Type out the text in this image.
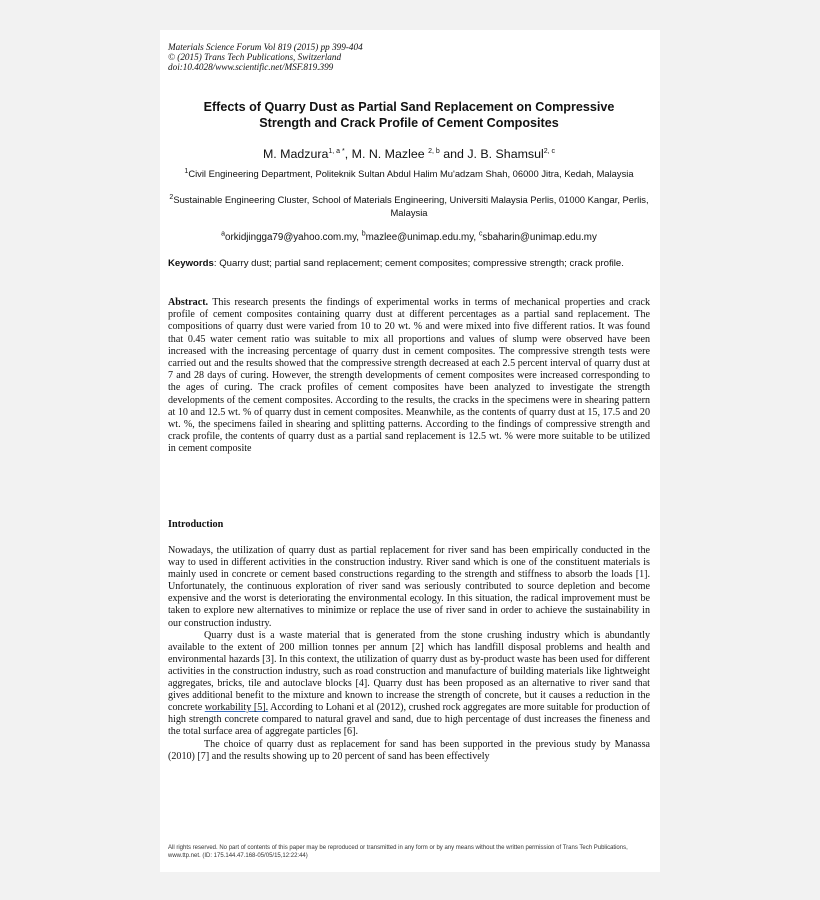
Materials Science Forum Vol 819 (2015) pp 399-404
© (2015) Trans Tech Publications, Switzerland
doi:10.4028/www.scientific.net/MSF.819.399
Effects of Quarry Dust as Partial Sand Replacement on Compressive
Strength and Crack Profile of Cement Composites
M. Madzura$^{1, a *}$, M. N. Mazlee $^{2, b}$ and J. B. Shamsul$^{2, c}$
$^1$Civil Engineering Department, Politeknik Sultan Abdul Halim Mu'adzam Shah, 06000 Jitra, Kedah, Malaysia
$^2$Sustainable Engineering Cluster, School of Materials Engineering, Universiti Malaysia Perlis, 01000 Kangar, Perlis, Malaysia
$^a$orkidjingga79@yahoo.com.my, $^b$mazlee@unimap.edu.my, $^c$sbaharin@unimap.edu.my
Keywords: Quarry dust; partial sand replacement; cement composites; compressive strength; crack profile.
Abstract. This research presents the findings of experimental works in terms of mechanical properties and crack profile of cement composites containing quarry dust at different percentages as a partial sand replacement. The compositions of quarry dust were varied from 10 to 20 wt. % and were mixed into five different ratios. It was found that 0.45 water cement ratio was suitable to mix all proportions and values of slump were observed have been increased with the increasing percentage of quarry dust in cement composites. The compressive strength tests were carried out and the results showed that the compressive strength decreased at each 2.5 percent interval of quarry dust at 7 and 28 days of curing. However, the strength developments of cement composites were increased corresponding to the ages of curing. The crack profiles of cement composites have been analyzed to investigate the strength developments of the cement composites. According to the results, the cracks in the specimens were in shearing pattern at 10 and 12.5 wt. % of quarry dust in cement composites. Meanwhile, as the contents of quarry dust at 15, 17.5 and 20 wt. %, the specimens failed in shearing and splitting patterns. According to the findings of compressive strength and crack profile, the contents of quarry dust as a partial sand replacement is 12.5 wt. % were more suitable to be utilized in cement composite
Introduction

Nowadays, the utilization of quarry dust as partial replacement for river sand has been empirically conducted in the way to used in different activities in the construction industry. River sand which is one of the constituent materials is mainly used in concrete or cement based constructions regarding to the strength and stiffness to absorb the loads [1]. Unfortunately, the continuous exploration of river sand was seriously contributed to source depletion and become expensive and the worst is deteriorating the environmental ecology. In this situation, the radical improvement must be taken to explore new alternatives to minimize or replace the use of river sand in order to achieve the sustainability in our construction industry.

Quarry dust is a waste material that is generated from the stone crushing industry which is abundantly available to the extent of 200 million tonnes per annum [2] which has landfill disposal problems and health and environmental hazards [3]. In this context, the utilization of quarry dust as by-product waste has been used for different activities in the construction industry, such as road construction and manufacture of building materials like lightweight aggregates, bricks, tile and autoclave blocks [4]. Quarry dust has been proposed as an alternative to river sand that gives additional benefit to the mixture and known to increase the strength of concrete, but it causes a reduction in the concrete workability [5]. According to Lohani et al (2012), crushed rock aggregates are more suitable for production of high strength concrete compared to natural gravel and sand, due to high percentage of dust increases the fineness and the total surface area of aggregate particles [6].

The choice of quarry dust as replacement for sand has been supported in the previous study by Manassa (2010) [7] and the results showing up to 20 percent of sand has been effectively

All rights reserved. No part of contents of this paper may be reproduced or transmitted in any form or by any means without the written permission of Trans Tech Publications, www.ttp.net. (ID: 175.144.47.168-05/05/15,12:22:44)
